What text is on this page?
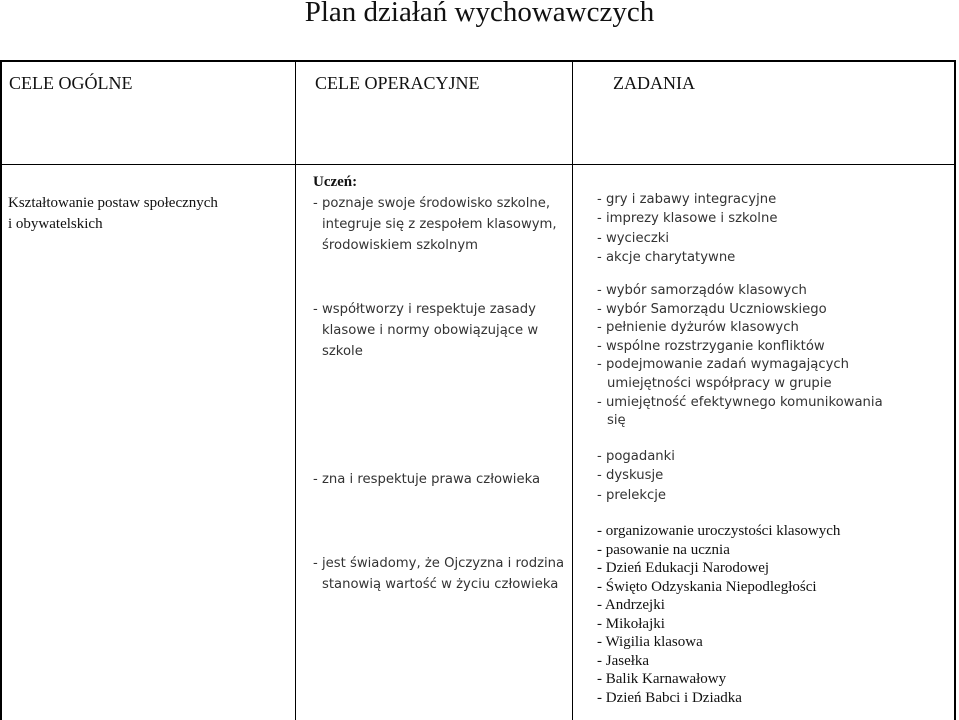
Plan działań wychowawczych
CELE OGÓLNE	CELE OPERACYJNE	ZADANIA
Kształtowanie postaw społecznych
i obywatelskich
Uczeń:
- poznaje swoje środowisko szkolne,
integruje się z zespołem klasowym,
środowiskiem szkolnym
- współtworzy i respektuje zasady
klasowe i normy obowiązujące w
szkole
- zna i respektuje prawa człowieka
- jest świadomy, że Ojczyzna i rodzina
stanowią wartość w życiu człowieka
- gry i zabawy integracyjne
- imprezy klasowe i szkolne
- wycieczki
- akcje charytatywne
- wybór samorządów klasowych
- wybór Samorządu Uczniowskiego
- pełnienie dyżurów klasowych
- wspólne rozstrzyganie konfliktów
- podejmowanie zadań wymagających
umiejętności współpracy w grupie
- umiejętność efektywnego komunikowania
się
- pogadanki
- dyskusje
- prelekcje
- organizowanie uroczystości klasowych
- pasowanie na ucznia
- Dzień Edukacji Narodowej
- Święto Odzyskania Niepodległości
- Andrzejki
- Mikołajki
- Wigilia klasowa
- Jasełka
- Balik Karnawałowy
- Dzień Babci i Dziadka
